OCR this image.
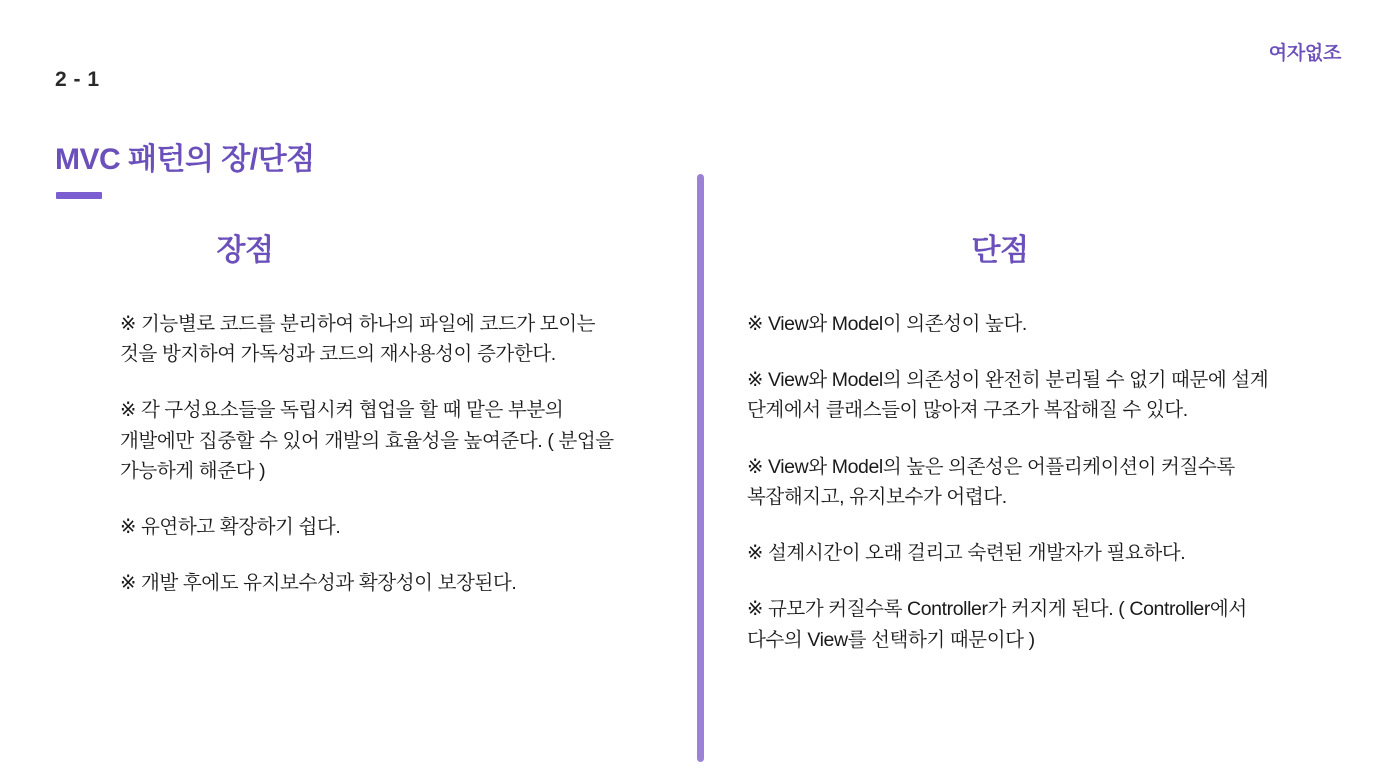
여자없조
2 - 1
MVC 패턴의 장/단점
장점
※ 기능별로 코드를 분리하여 하나의 파일에 코드가 모이는 것을 방지하여 가독성과 코드의 재사용성이 증가한다.
※ 각 구성요소들을 독립시켜 협업을 할 때 맡은 부분의 개발에만 집중할 수 있어 개발의 효율성을 높여준다. ( 분업을 가능하게 해준다 )
※ 유연하고 확장하기 쉽다.
※ 개발 후에도 유지보수성과 확장성이 보장된다.
단점
※ View와 Model이 의존성이 높다.
※ View와 Model의 의존성이 완전히 분리될 수 없기 때문에 설계 단계에서 클래스들이 많아져 구조가 복잡해질 수 있다.
※ View와 Model의 높은 의존성은 어플리케이션이 커질수록 복잡해지고, 유지보수가 어렵다.
※ 설계시간이 오래 걸리고 숙련된 개발자가 필요하다.
※ 규모가 커질수록 Controller가 커지게 된다. ( Controller에서 다수의 View를 선택하기 때문이다 )
